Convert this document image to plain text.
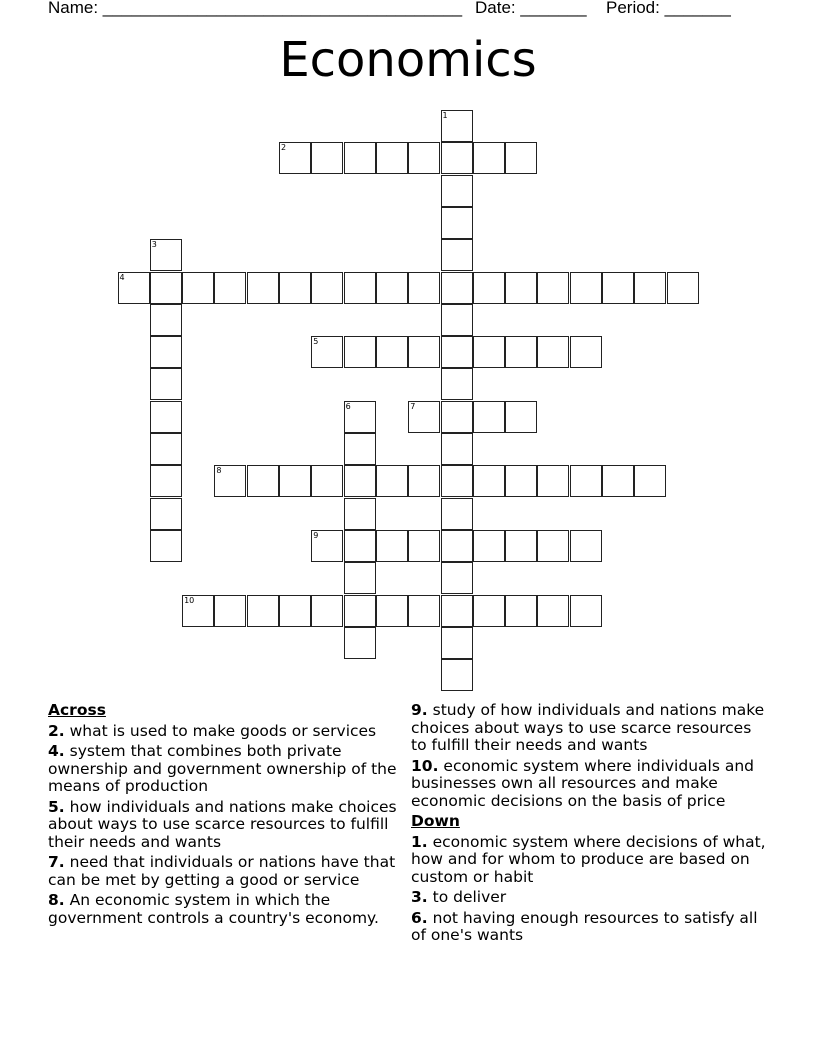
Name: ______________________________________ Date: _______ Period: _______
Economics
1
2
3
4
5
6	7
8
9
10
Across
2. what is used to make goods or services
4. system that combines both private ownership and government ownership of the means of production
5. how individuals and nations make choices about ways to use scarce resources to fulfill their needs and wants
7. need that individuals or nations have that can be met by getting a good or service
8. An economic system in which the government controls a country's economy.
9. study of how individuals and nations make choices about ways to use scarce resources to fulfill their needs and wants
10. economic system where individuals and businesses own all resources and make economic decisions on the basis of price
Down
1. economic system where decisions of what, how and for whom to produce are based on custom or habit
3. to deliver
6. not having enough resources to satisfy all of one's wants
